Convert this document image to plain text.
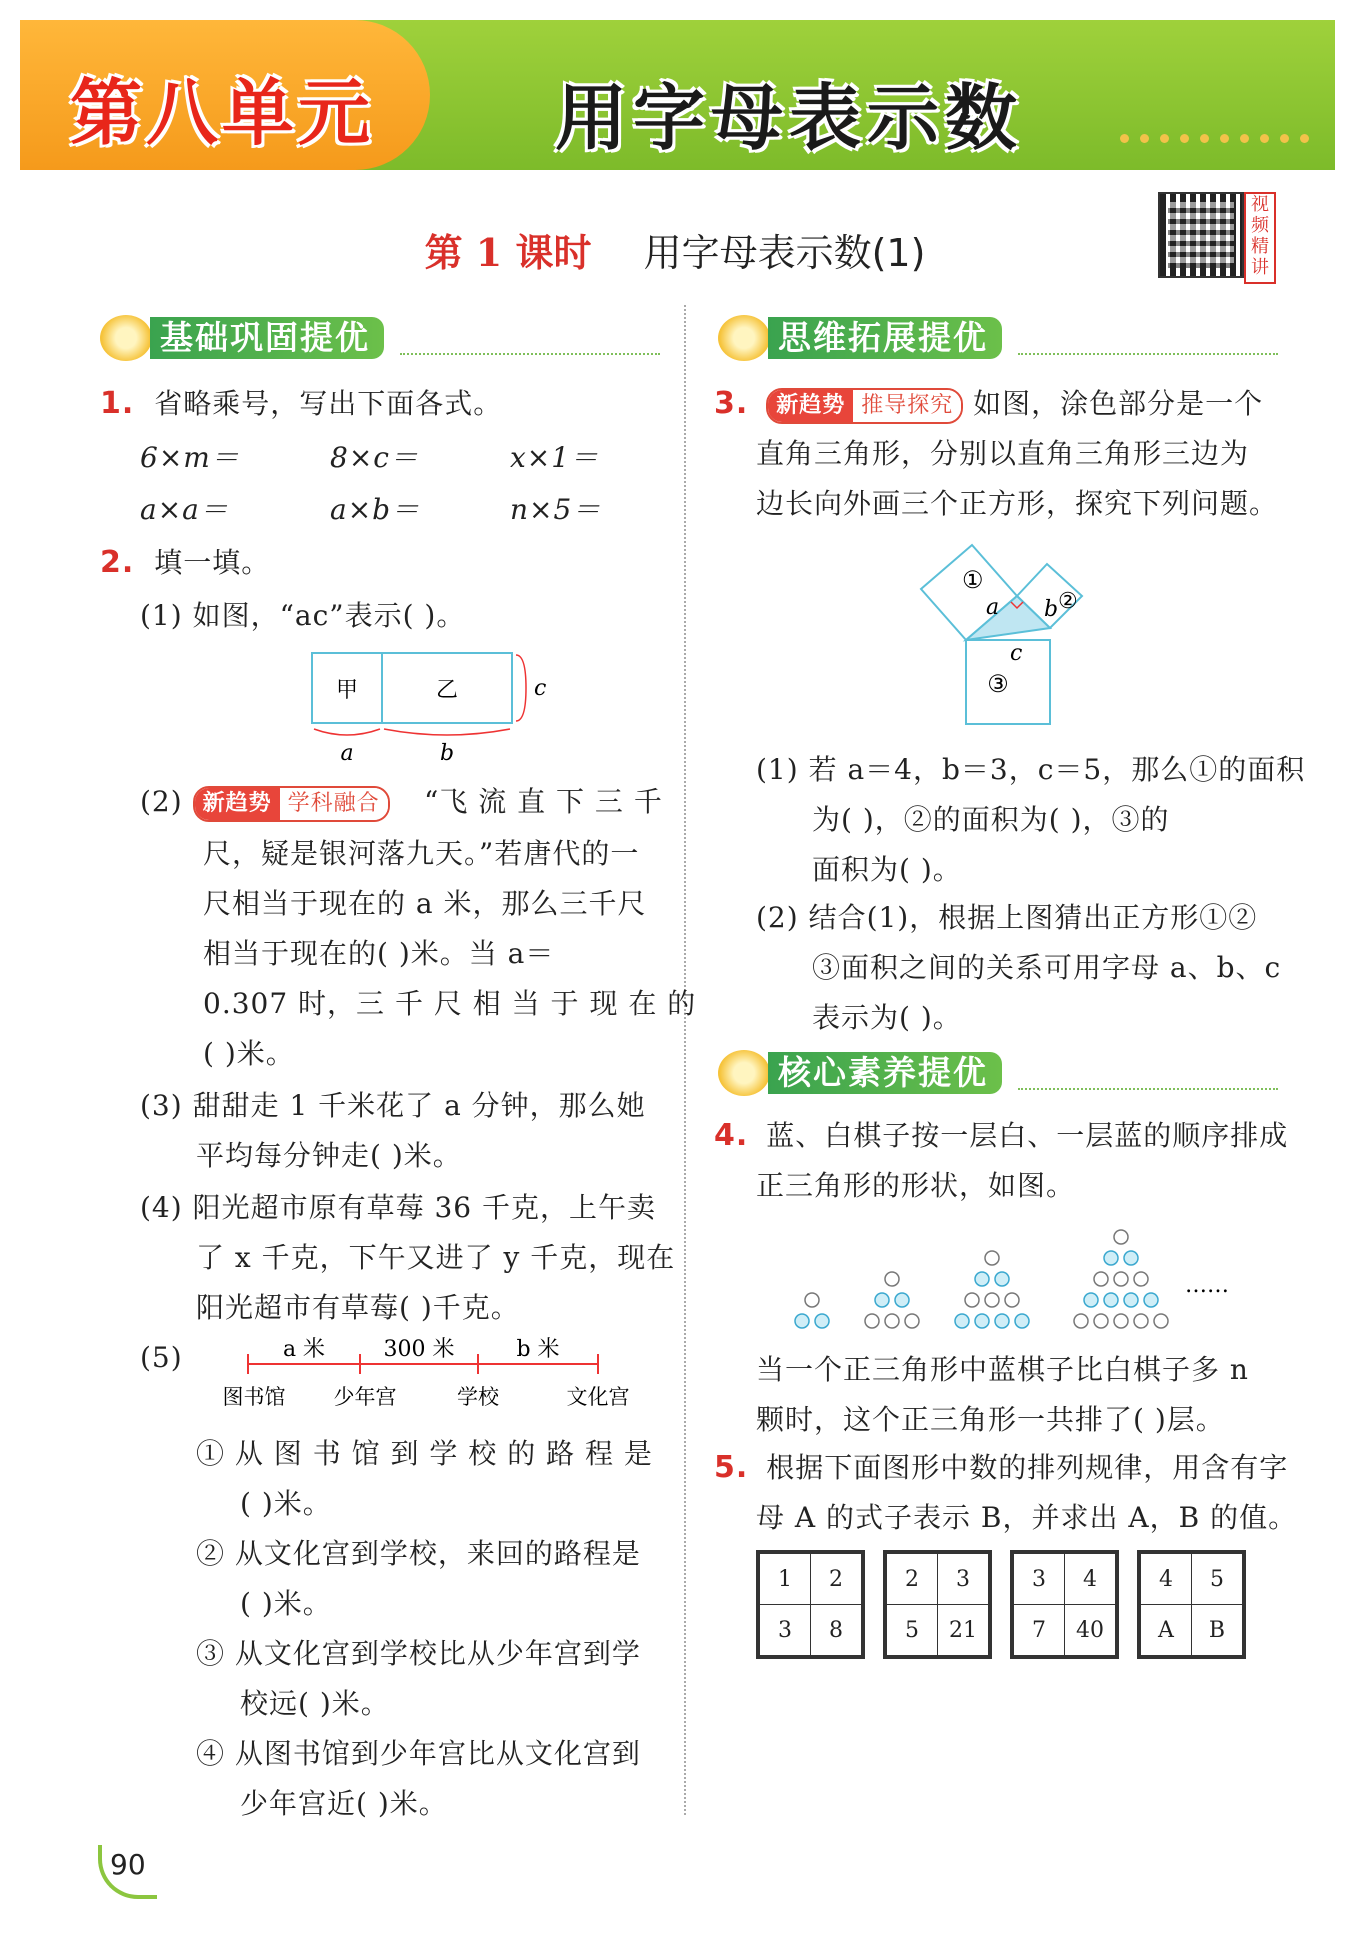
第八单元	用字母表示数
第 1 课时 用字母表示数(1)
视频精讲
基础巩固提优
1. 省略乘号，写出下面各式。
6×m＝	8×c＝	x×1＝
a×a＝	a×b＝	n×5＝
2. 填一填。
(1) 如图，“ac”表示( )。
甲	乙	c
a	b
(2) 新趋势 学科融合	“飞 流 直 下 三 千
尺，疑是银河落九天。”若唐代的一
尺相当于现在的 a 米，那么三千尺
相当于现在的( )米。当 a＝
0.307 时，三 千 尺 相 当 于 现 在 的
( )米。
(3) 甜甜走 1 千米花了 a 分钟，那么她
平均每分钟走( )米。
(4) 阳光超市原有草莓 36 千克，上午卖
了 x 千克，下午又进了 y 千克，现在
阳光超市有草莓( )千克。
(5)	a 米	300 米	b 米
图书馆 少年宫	学校	文化宫
① 从 图 书 馆 到 学 校 的 路 程 是
( )米。
② 从文化宫到学校，来回的路程是
( )米。
③ 从文化宫到学校比从少年宫到学
校远( )米。
④ 从图书馆到少年宫比从文化宫到
少年宫近( )米。
思维拓展提优
3. 新趋势 推导探究 如图，涂色部分是一个
直角三角形，分别以直角三角形三边为
边长向外画三个正方形，探究下列问题。
①
②
③
a b
c
(1) 若 a＝4，b＝3，c＝5，那么①的面积
为( )，②的面积为( )，③的
面积为( )。
(2) 结合(1)，根据上图猜出正方形①②
③面积之间的关系可用字母 a、b、c
表示为( )。
核心素养提优
4. 蓝、白棋子按一层白、一层蓝的顺序排成
正三角形的形状，如图。
……
当一个正三角形中蓝棋子比白棋子多 n
颗时，这个正三角形一共排了( )层。
5. 根据下面图形中数的排列规律，用含有字
母 A 的式子表示 B，并求出 A，B 的值。
1	2
3	8
2	3
5	21
3	4
7	40
4	5
A	B
90
